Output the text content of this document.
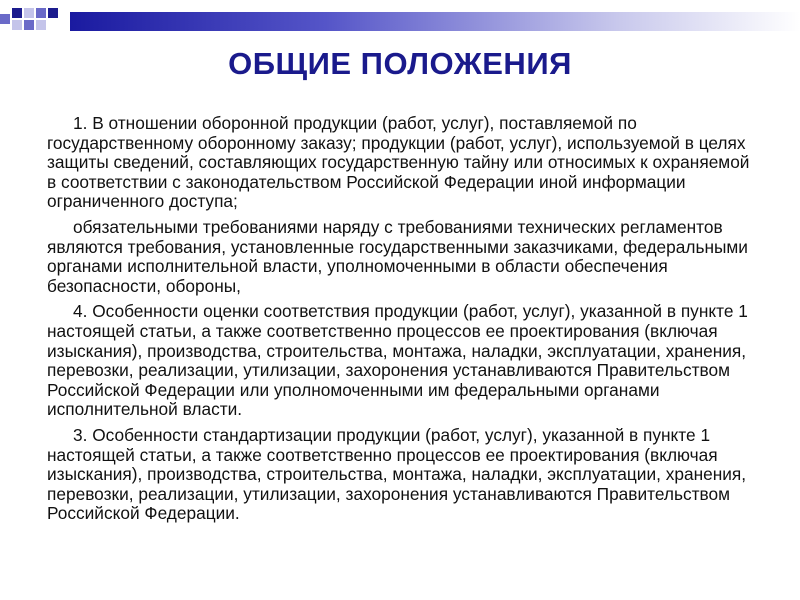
ОБЩИЕ ПОЛОЖЕНИЯ

1. В отношении оборонной продукции (работ, услуг), поставляемой по государственному оборонному заказу; продукции (работ, услуг), используемой в целях защиты сведений, составляющих государственную тайну или относимых к охраняемой в соответствии с законодательством Российской Федерации иной информации ограниченного доступа;

обязательными требованиями наряду с требованиями технических регламентов являются требования, установленные государственными заказчиками, федеральными органами исполнительной власти, уполномоченными в области обеспечения безопасности, обороны,

4. Особенности оценки соответствия продукции (работ, услуг), указанной в пункте 1 настоящей статьи, а также соответственно процессов ее проектирования (включая изыскания), производства, строительства, монтажа, наладки, эксплуатации, хранения, перевозки, реализации, утилизации, захоронения устанавливаются Правительством Российской Федерации или уполномоченными им федеральными органами исполнительной власти.

3. Особенности стандартизации продукции (работ, услуг), указанной в пункте 1 настоящей статьи, а также соответственно процессов ее проектирования (включая изыскания), производства, строительства, монтажа, наладки, эксплуатации, хранения, перевозки, реализации, утилизации, захоронения устанавливаются Правительством Российской Федерации.
